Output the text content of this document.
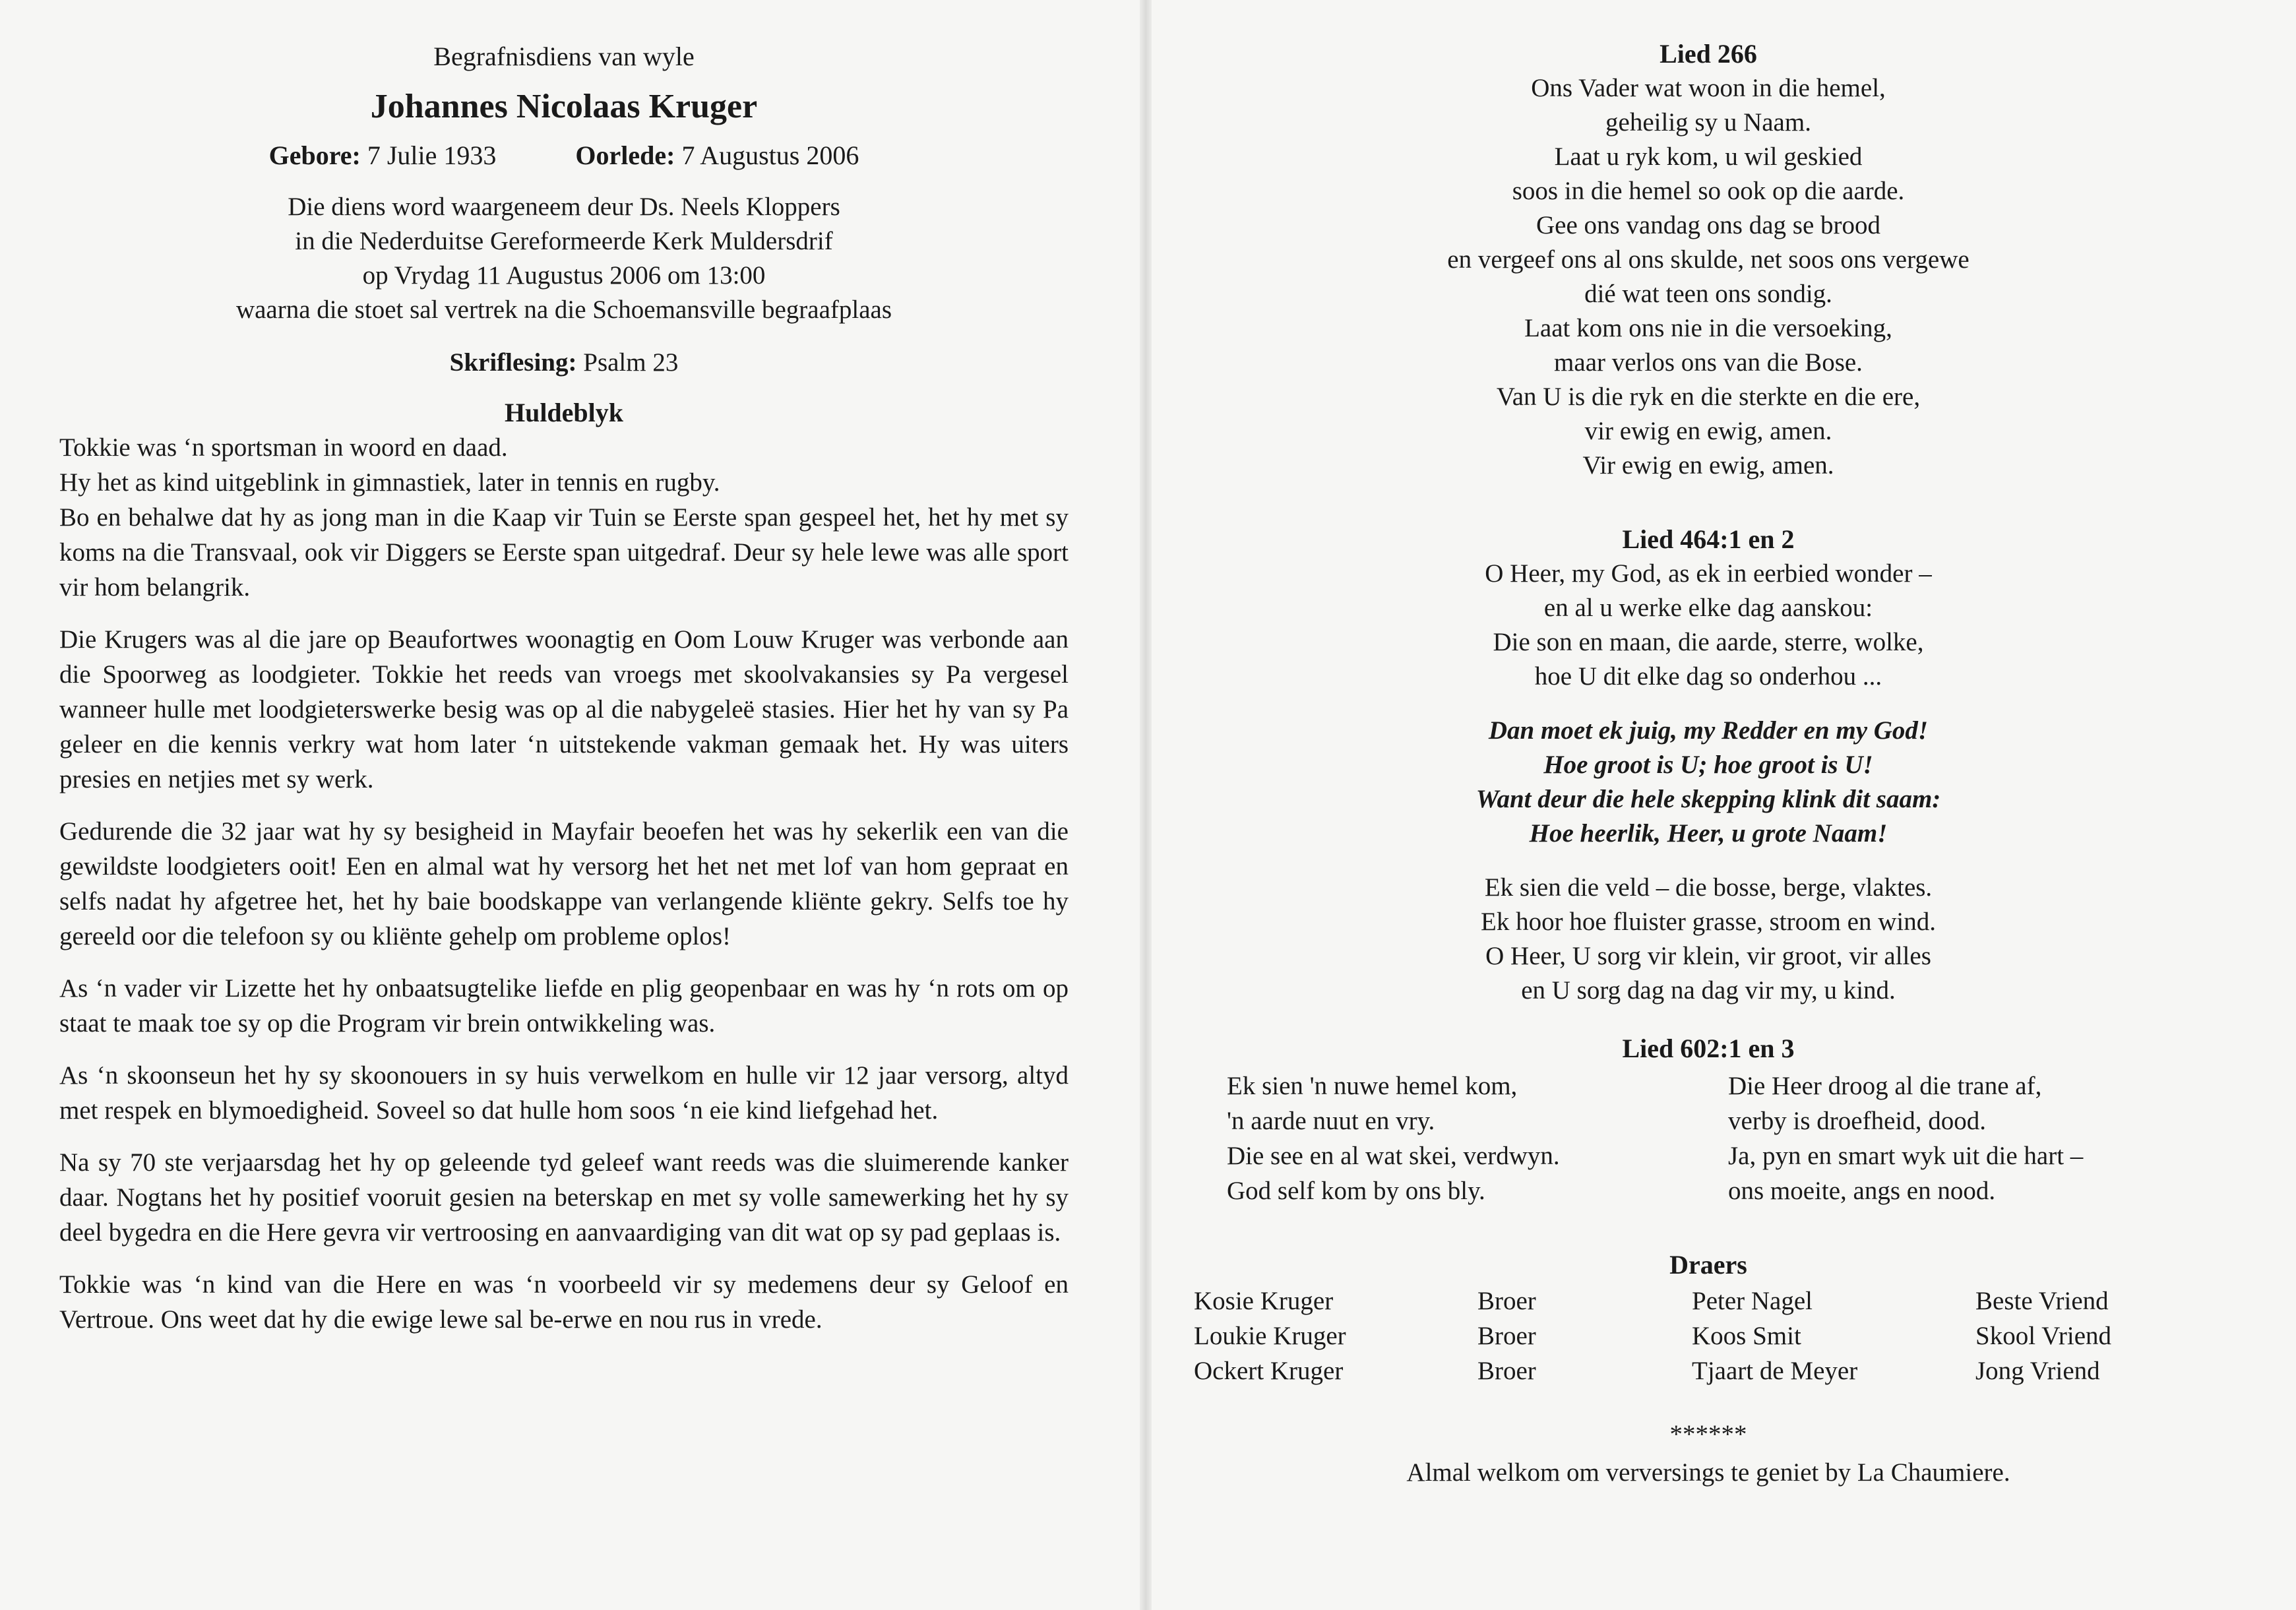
Begrafnisdiens van wyle
Johannes Nicolaas Kruger
Gebore: 7 Julie 1933	Oorlede: 7 Augustus 2006

Die diens word waargeneem deur Ds. Neels Kloppers

in die Nederduitse Gereformeerde Kerk Muldersdrif

op Vrydag 11 Augustus 2006 om 13:00

waarna die stoet sal vertrek na die Schoemansville begraafplaas

Skriflesing: Psalm 23
Huldeblyk

Tokkie was ‘n sportsman in woord en daad.

Hy het as kind uitgeblink in gimnastiek, later in tennis en rugby.

Bo en behalwe dat hy as jong man in die Kaap vir Tuin se Eerste span gespeel het, het hy met sy koms na die Transvaal, ook vir Diggers se Eerste span uitgedraf. Deur sy hele lewe was alle sport vir hom belangrik.

Die Krugers was al die jare op Beaufortwes woonagtig en Oom Louw Kruger was verbonde aan die Spoorweg as loodgieter. Tokkie het reeds van vroegs met skoolvakansies sy Pa vergesel wanneer hulle met loodgieterswerke besig was op al die nabygeleë stasies. Hier het hy van sy Pa geleer en die kennis verkry wat hom later ‘n uitstekende vakman gemaak het. Hy was uiters presies en netjies met sy werk.

Gedurende die 32 jaar wat hy sy besigheid in Mayfair beoefen het was hy sekerlik een van die gewildste loodgieters ooit! Een en almal wat hy versorg het het net met lof van hom gepraat en selfs nadat hy afgetree het, het hy baie boodskappe van verlangende kliënte gekry. Selfs toe hy gereeld oor die telefoon sy ou kliënte gehelp om probleme oplos!

As ‘n vader vir Lizette het hy onbaatsugtelike liefde en plig geopenbaar en was hy ‘n rots om op staat te maak toe sy op die Program vir brein ontwikkeling was.

As ‘n skoonseun het hy sy skoonouers in sy huis verwelkom en hulle vir 12 jaar versorg, altyd met respek en blymoedigheid. Soveel so dat hulle hom soos ‘n eie kind liefgehad het.

Na sy 70 ste verjaarsdag het hy op geleende tyd geleef want reeds was die sluimerende kanker daar. Nogtans het hy positief vooruit gesien na beterskap en met sy volle samewerking het hy sy deel bygedra en die Here gevra vir vertroosing en aanvaardiging van dit wat op sy pad geplaas is.

Tokkie was ‘n kind van die Here en was ‘n voorbeeld vir sy medemens deur sy Geloof en Vertroue. Ons weet dat hy die ewige lewe sal be-erwe en nou rus in vrede.

Lied 266

Ons Vader wat woon in die hemel,

geheilig sy u Naam.

Laat u ryk kom, u wil geskied

soos in die hemel so ook op die aarde.

Gee ons vandag ons dag se brood

en vergeef ons al ons skulde, net soos ons vergewe

dié wat teen ons sondig.

Laat kom ons nie in die versoeking,

maar verlos ons van die Bose.

Van U is die ryk en die sterkte en die ere,

vir ewig en ewig, amen.

Vir ewig en ewig, amen.

Lied 464:1 en 2

O Heer, my God, as ek in eerbied wonder –

en al u werke elke dag aanskou:

Die son en maan, die aarde, sterre, wolke,

hoe U dit elke dag so onderhou ...

Dan moet ek juig, my Redder en my God!

Hoe groot is U; hoe groot is U!

Want deur die hele skepping klink dit saam:

Hoe heerlik, Heer, u grote Naam!

Ek sien die veld – die bosse, berge, vlaktes.

Ek hoor hoe fluister grasse, stroom en wind.

O Heer, U sorg vir klein, vir groot, vir alles

en U sorg dag na dag vir my, u kind.

Lied 602:1 en 3
Ek sien 'n nuwe hemel kom,
'n aarde nuut en vry.
Die see en al wat skei, verdwyn.
God self kom by ons bly.
Die Heer droog al die trane af,
verby is droefheid, dood.
Ja, pyn en smart wyk uit die hart –
ons moeite, angs en nood.
Draers
Kosie Kruger	Broer	Peter Nagel	Beste Vriend
Loukie Kruger	Broer	Koos Smit	Skool Vriend
Ockert Kruger	Broer	Tjaart de Meyer	Jong Vriend

******

Almal welkom om verversings te geniet by La Chaumiere.
